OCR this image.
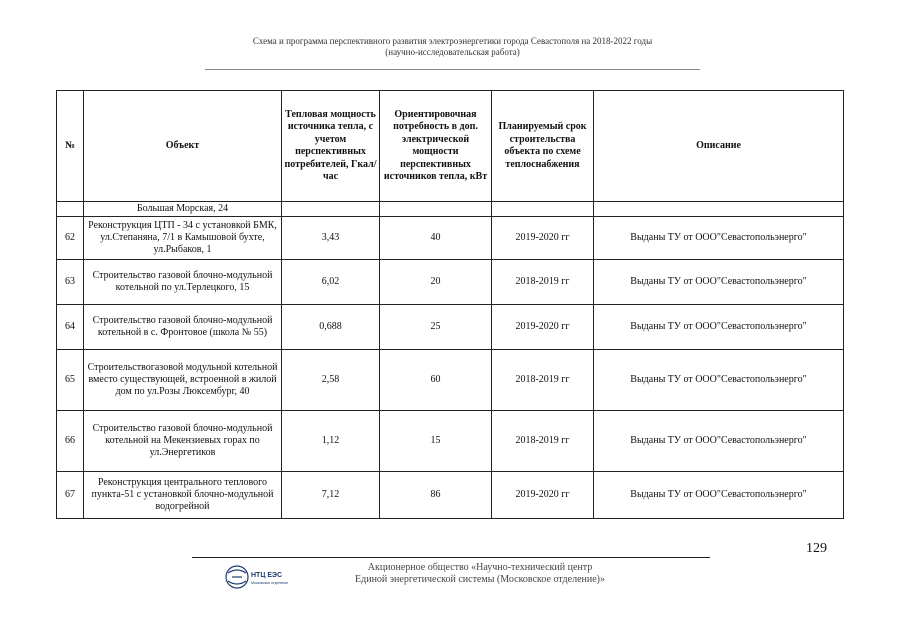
Схема и программа перспективного развития электроэнергетики города Севастополя на 2018-2022 годы
(научно-исследовательская работа)
№	Объект	Тепловая мощность источника тепла, с учетом перспективных потребителей, Гкал/час	Ориентировочная потребность в доп. электрической мощности перспективных источников тепла, кВт	Планируемый срок строительства объекта по схеме теплоснабжения	Описание
	Большая Морская, 24				
62	Реконструкция ЦТП - 34 с установкой БМК, ул.Степаняна, 7/1 в Камышовой бухте, ул.Рыбаков, 1	3,43	40	2019-2020 гг	Выданы ТУ от ООО"Севастопольэнерго"
63	Строительство газовой блочно-модульной котельной по ул.Терлецкого, 15	6,02	20	2018-2019 гг	Выданы ТУ от ООО"Севастопольэнерго"
64	Строительство газовой блочно-модульной котельной в с. Фронтовое (школа № 55)	0,688	25	2019-2020 гг	Выданы ТУ от ООО"Севастопольэнерго"
65	Строительствогазовой модульной котельной вместо существующей, встроенной в жилой дом по ул.Розы Люксембург, 40	2,58	60	2018-2019 гг	Выданы ТУ от ООО"Севастопольэнерго"
66	Строительство газовой блочно-модульной котельной на Мекензиевых горах по ул.Энергетиков	1,12	15	2018-2019 гг	Выданы ТУ от ООО"Севастопольэнерго"
67	Реконструкция центрального теплового пункта-51 с установкой блочно-модульной водогрейной	7,12	86	2019-2020 гг	Выданы ТУ от ООО"Севастопольэнерго"
129
НТЦ ЕЭС
Московское отделение
Акционерное общество «Научно-технический центр
Единой энергетической системы (Московское отделение)»
